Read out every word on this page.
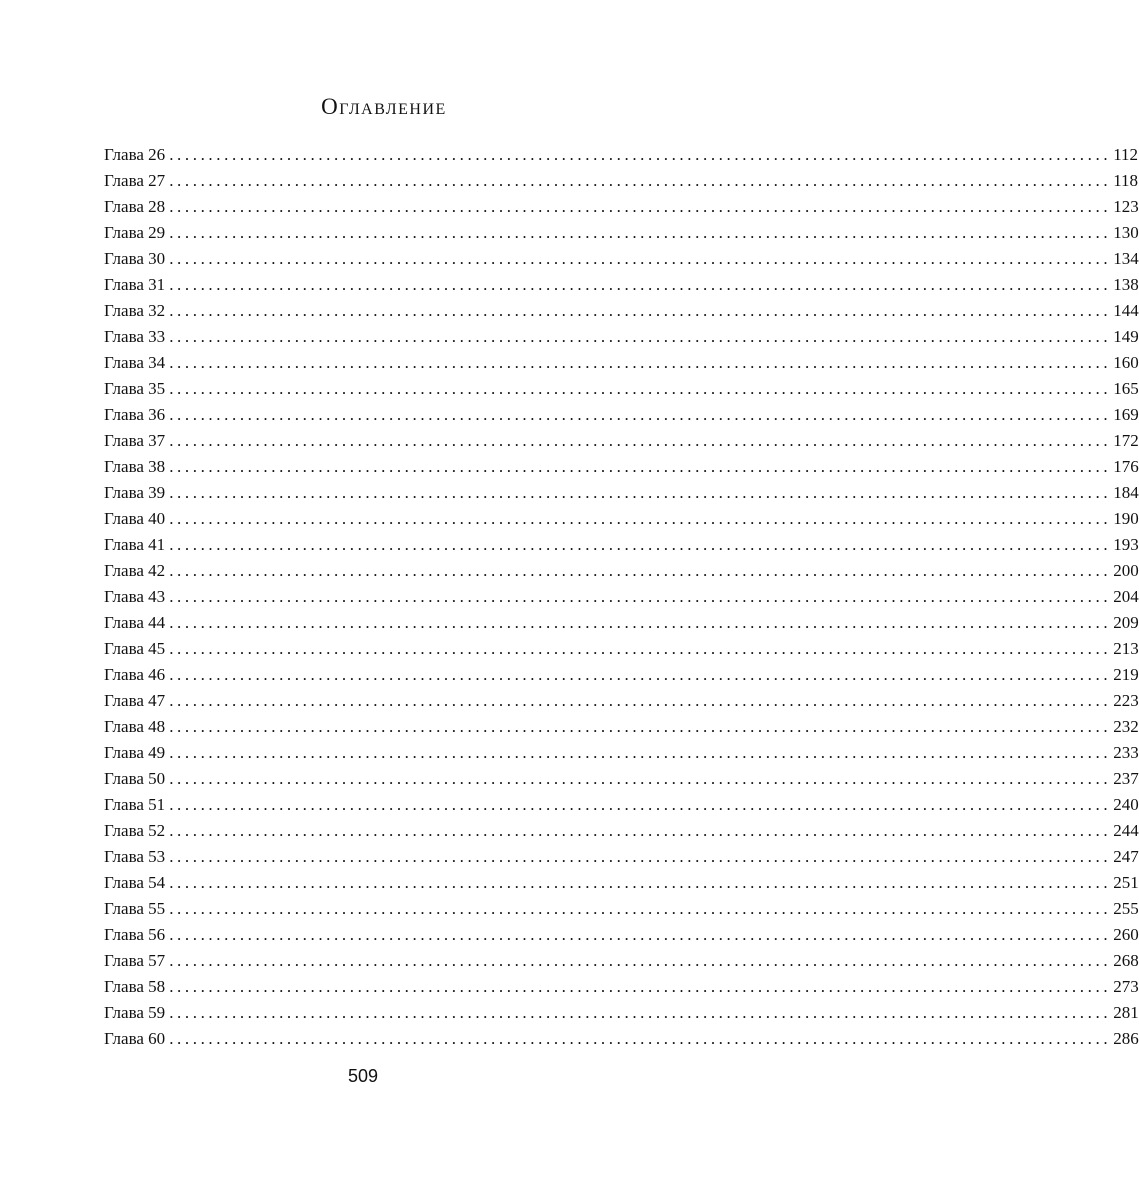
Оглавление
Глава 26 ........................................................................................................................ 112
Глава 27 ........................................................................................................................ 118
Глава 28 ........................................................................................................................ 123
Глава 29 ........................................................................................................................ 130
Глава 30 ........................................................................................................................ 134
Глава 31 ........................................................................................................................ 138
Глава 32 ........................................................................................................................ 144
Глава 33 ........................................................................................................................ 149
Глава 34 ........................................................................................................................ 160
Глава 35 ........................................................................................................................ 165
Глава 36 ........................................................................................................................ 169
Глава 37 ........................................................................................................................ 172
Глава 38 ........................................................................................................................ 176
Глава 39 ........................................................................................................................ 184
Глава 40 ........................................................................................................................ 190
Глава 41 ........................................................................................................................ 193
Глава 42 ........................................................................................................................ 200
Глава 43 ........................................................................................................................ 204
Глава 44 ........................................................................................................................ 209
Глава 45 ........................................................................................................................ 213
Глава 46 ........................................................................................................................ 219
Глава 47 ........................................................................................................................ 223
Глава 48 ........................................................................................................................ 232
Глава 49 ........................................................................................................................ 233
Глава 50 ........................................................................................................................ 237
Глава 51 ........................................................................................................................ 240
Глава 52 ........................................................................................................................ 244
Глава 53 ........................................................................................................................ 247
Глава 54 ........................................................................................................................ 251
Глава 55 ........................................................................................................................ 255
Глава 56 ........................................................................................................................ 260
Глава 57 ........................................................................................................................ 268
Глава 58 ........................................................................................................................ 273
Глава 59 ........................................................................................................................ 281
Глава 60 ........................................................................................................................ 286
509
